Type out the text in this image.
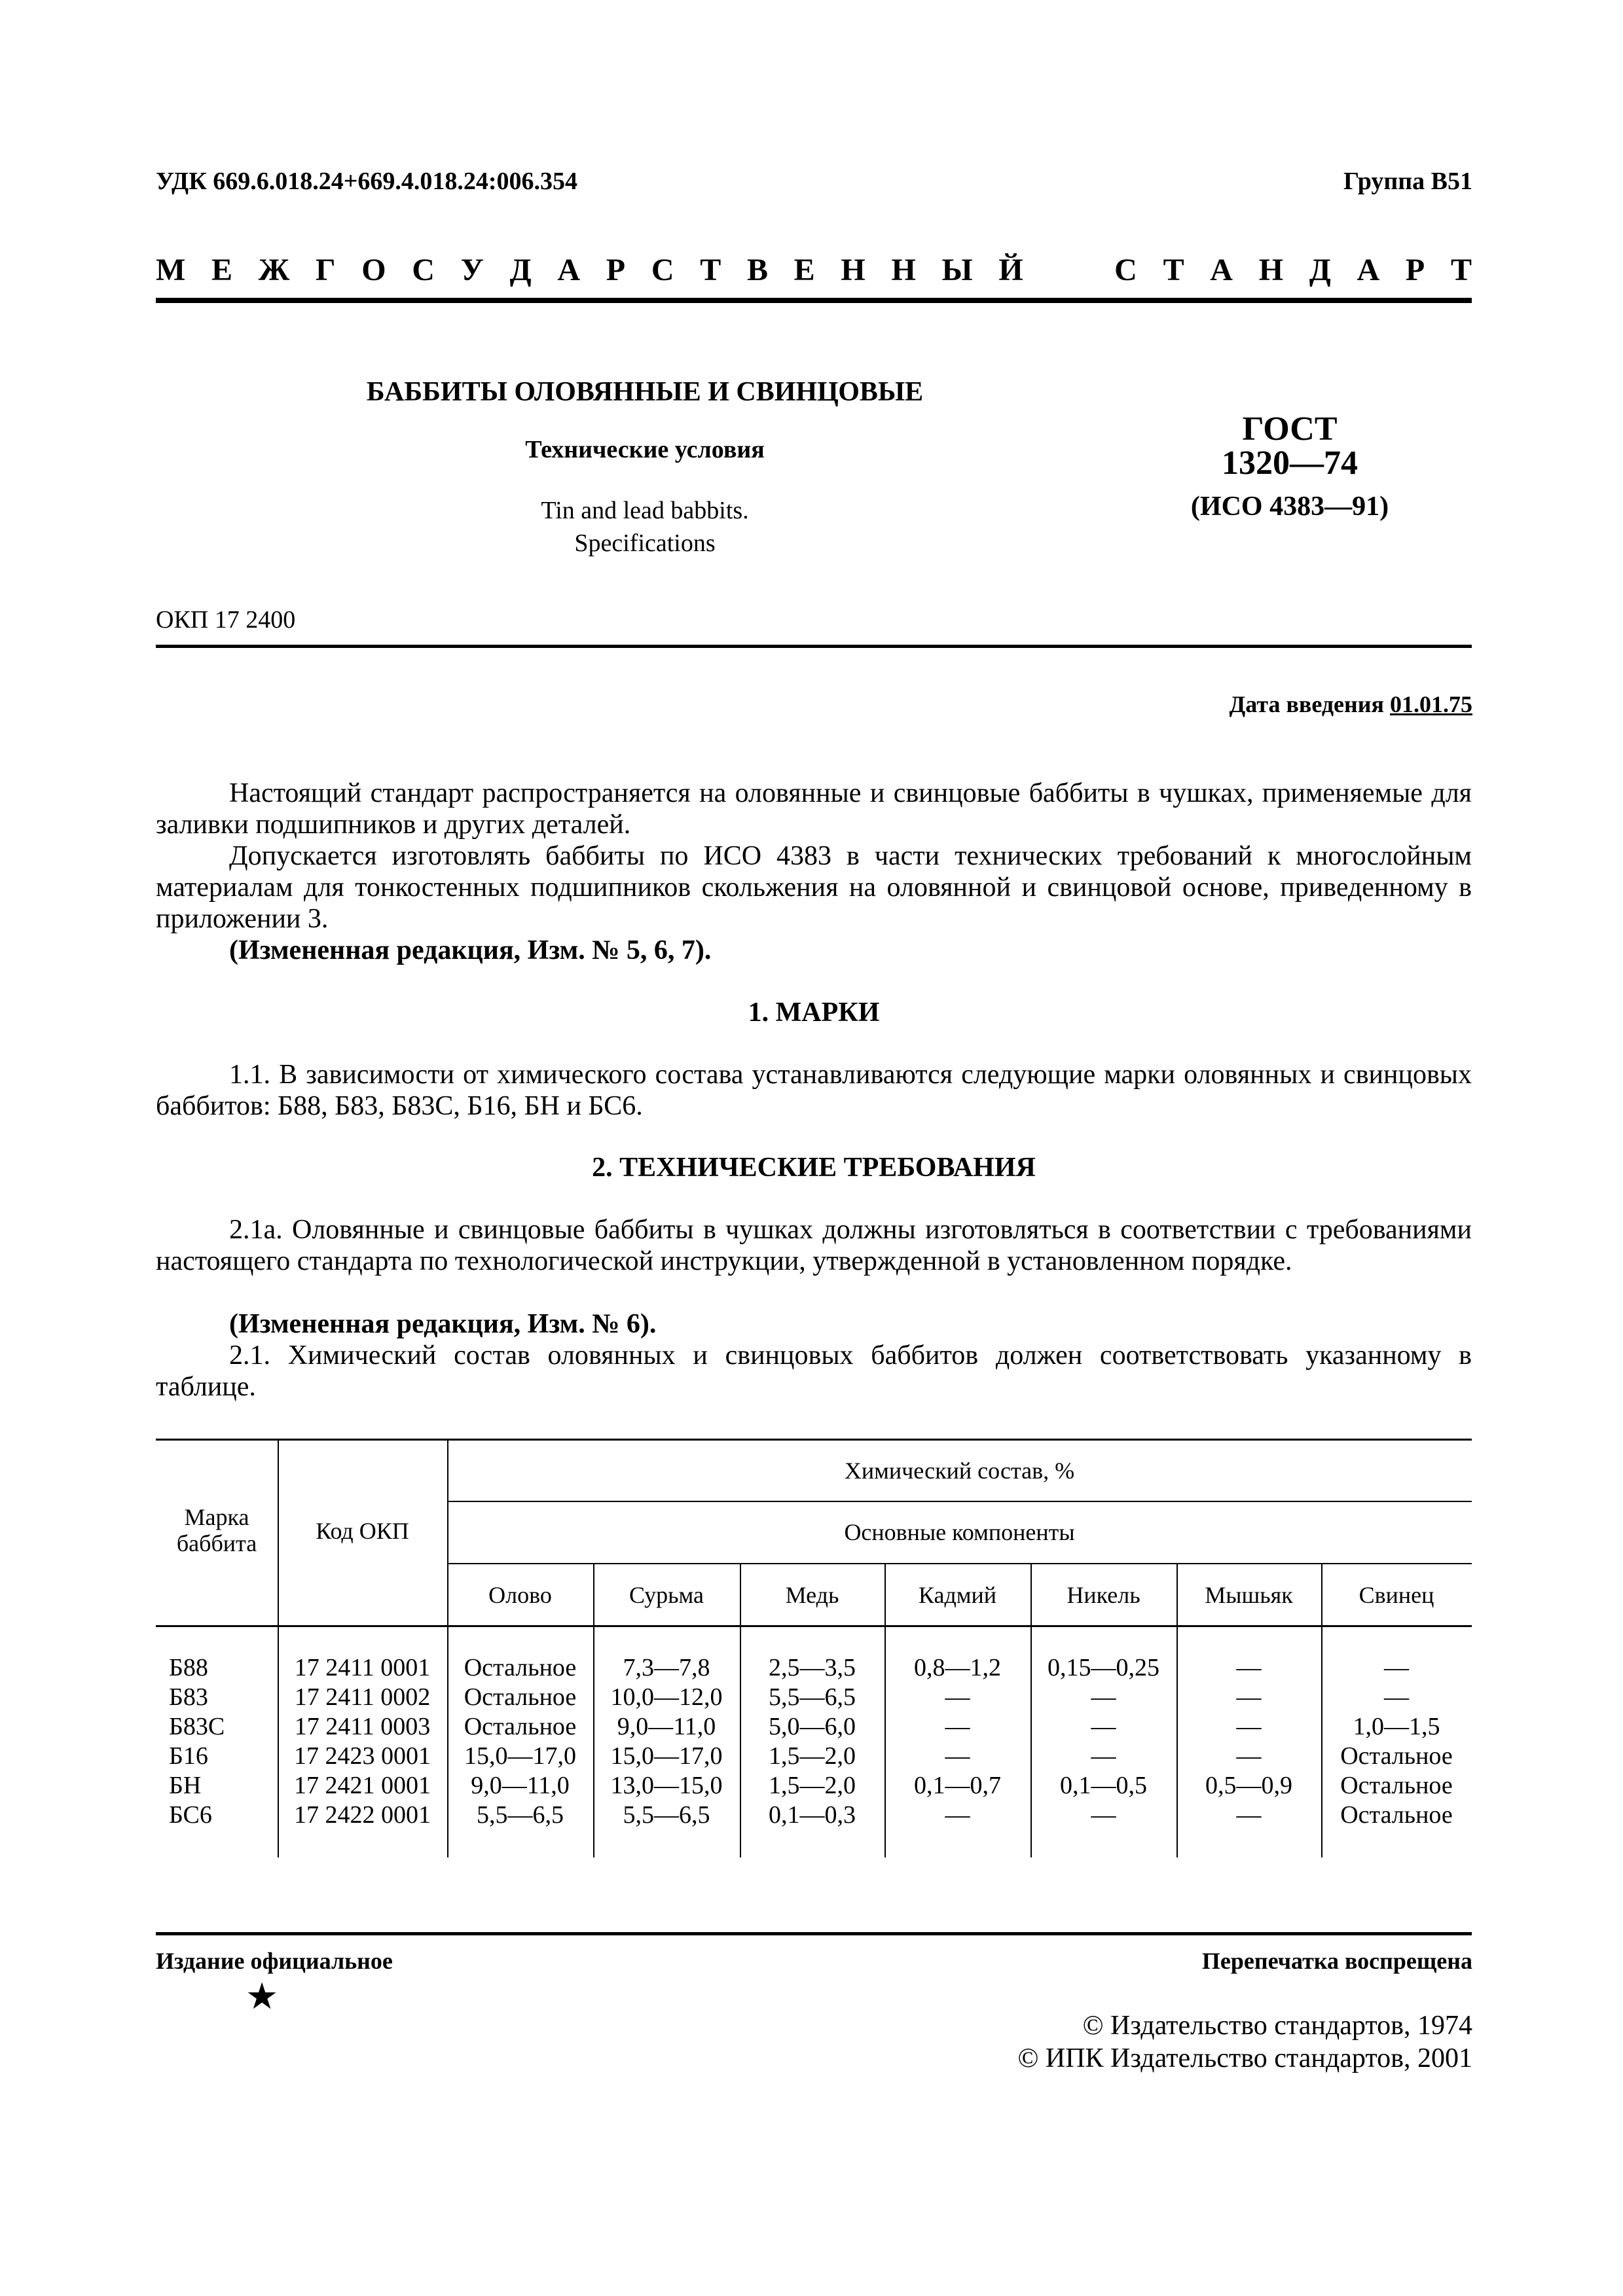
УДК 669.6.018.24+669.4.018.24:006.354	Группа В51
М Е Ж Г О С У Д А Р С Т В Е Н Н Ы Й	С Т А Н Д А Р Т
БАББИТЫ ОЛОВЯННЫЕ И СВИНЦОВЫЕ
Технические условия
Tin and lead babbits.
Specifications
ГОСТ
1320—74
(ИСО 4383—91)
ОКП 17 2400
Дата введения 01.01.75

Настоящий стандарт распространяется на оловянные и свинцовые баббиты в чушках, применяемые для заливки подшипников и других деталей.

Допускается изготовлять баббиты по ИСО 4383 в части технических требований к многослойным материалам для тонкостенных подшипников скольжения на оловянной и свинцовой основе, приведенному в приложении 3.

(Измененная редакция, Изм. № 5, 6, 7).

1. МАРКИ

1.1. В зависимости от химического состава устанавливаются следующие марки оловянных и свинцовых баббитов: Б88, Б83, Б83С, Б16, БН и БС6.

2. ТЕХНИЧЕСКИЕ ТРЕБОВАНИЯ

2.1а. Оловянные и свинцовые баббиты в чушках должны изготовляться в соответствии с требованиями настоящего стандарта по технологической инструкции, утвержденной в установленном порядке.

(Измененная редакция, Изм. № 6).

2.1. Химический состав оловянных и свинцовых баббитов должен соответствовать указанному в таблице.

Марка
баббита	Код ОКП
Химический состав, %
Основные компоненты
Олово	Сурьма	Медь	Кадмий	Никель	Мышьяк	Свинец
Б88	17 2411 0001	Остальное	7,3—7,8	2,5—3,5	0,8—1,2	0,15—0,25	—	—
Б83	17 2411 0002	Остальное	10,0—12,0	5,5—6,5	—	—	—	—
Б83С	17 2411 0003	Остальное	9,0—11,0	5,0—6,0	—	—	—	1,0—1,5
Б16	17 2423 0001	15,0—17,0	15,0—17,0	1,5—2,0	—	—	—	Остальное
БН	17 2421 0001	9,0—11,0	13,0—15,0	1,5—2,0	0,1—0,7	0,1—0,5	0,5—0,9	Остальное
БС6	17 2422 0001	5,5—6,5	5,5—6,5	0,1—0,3	—	—	—	Остальное
Издание официальное	Перепечатка воспрещена
★
© Издательство стандартов, 1974
© ИПК Издательство стандартов, 2001
